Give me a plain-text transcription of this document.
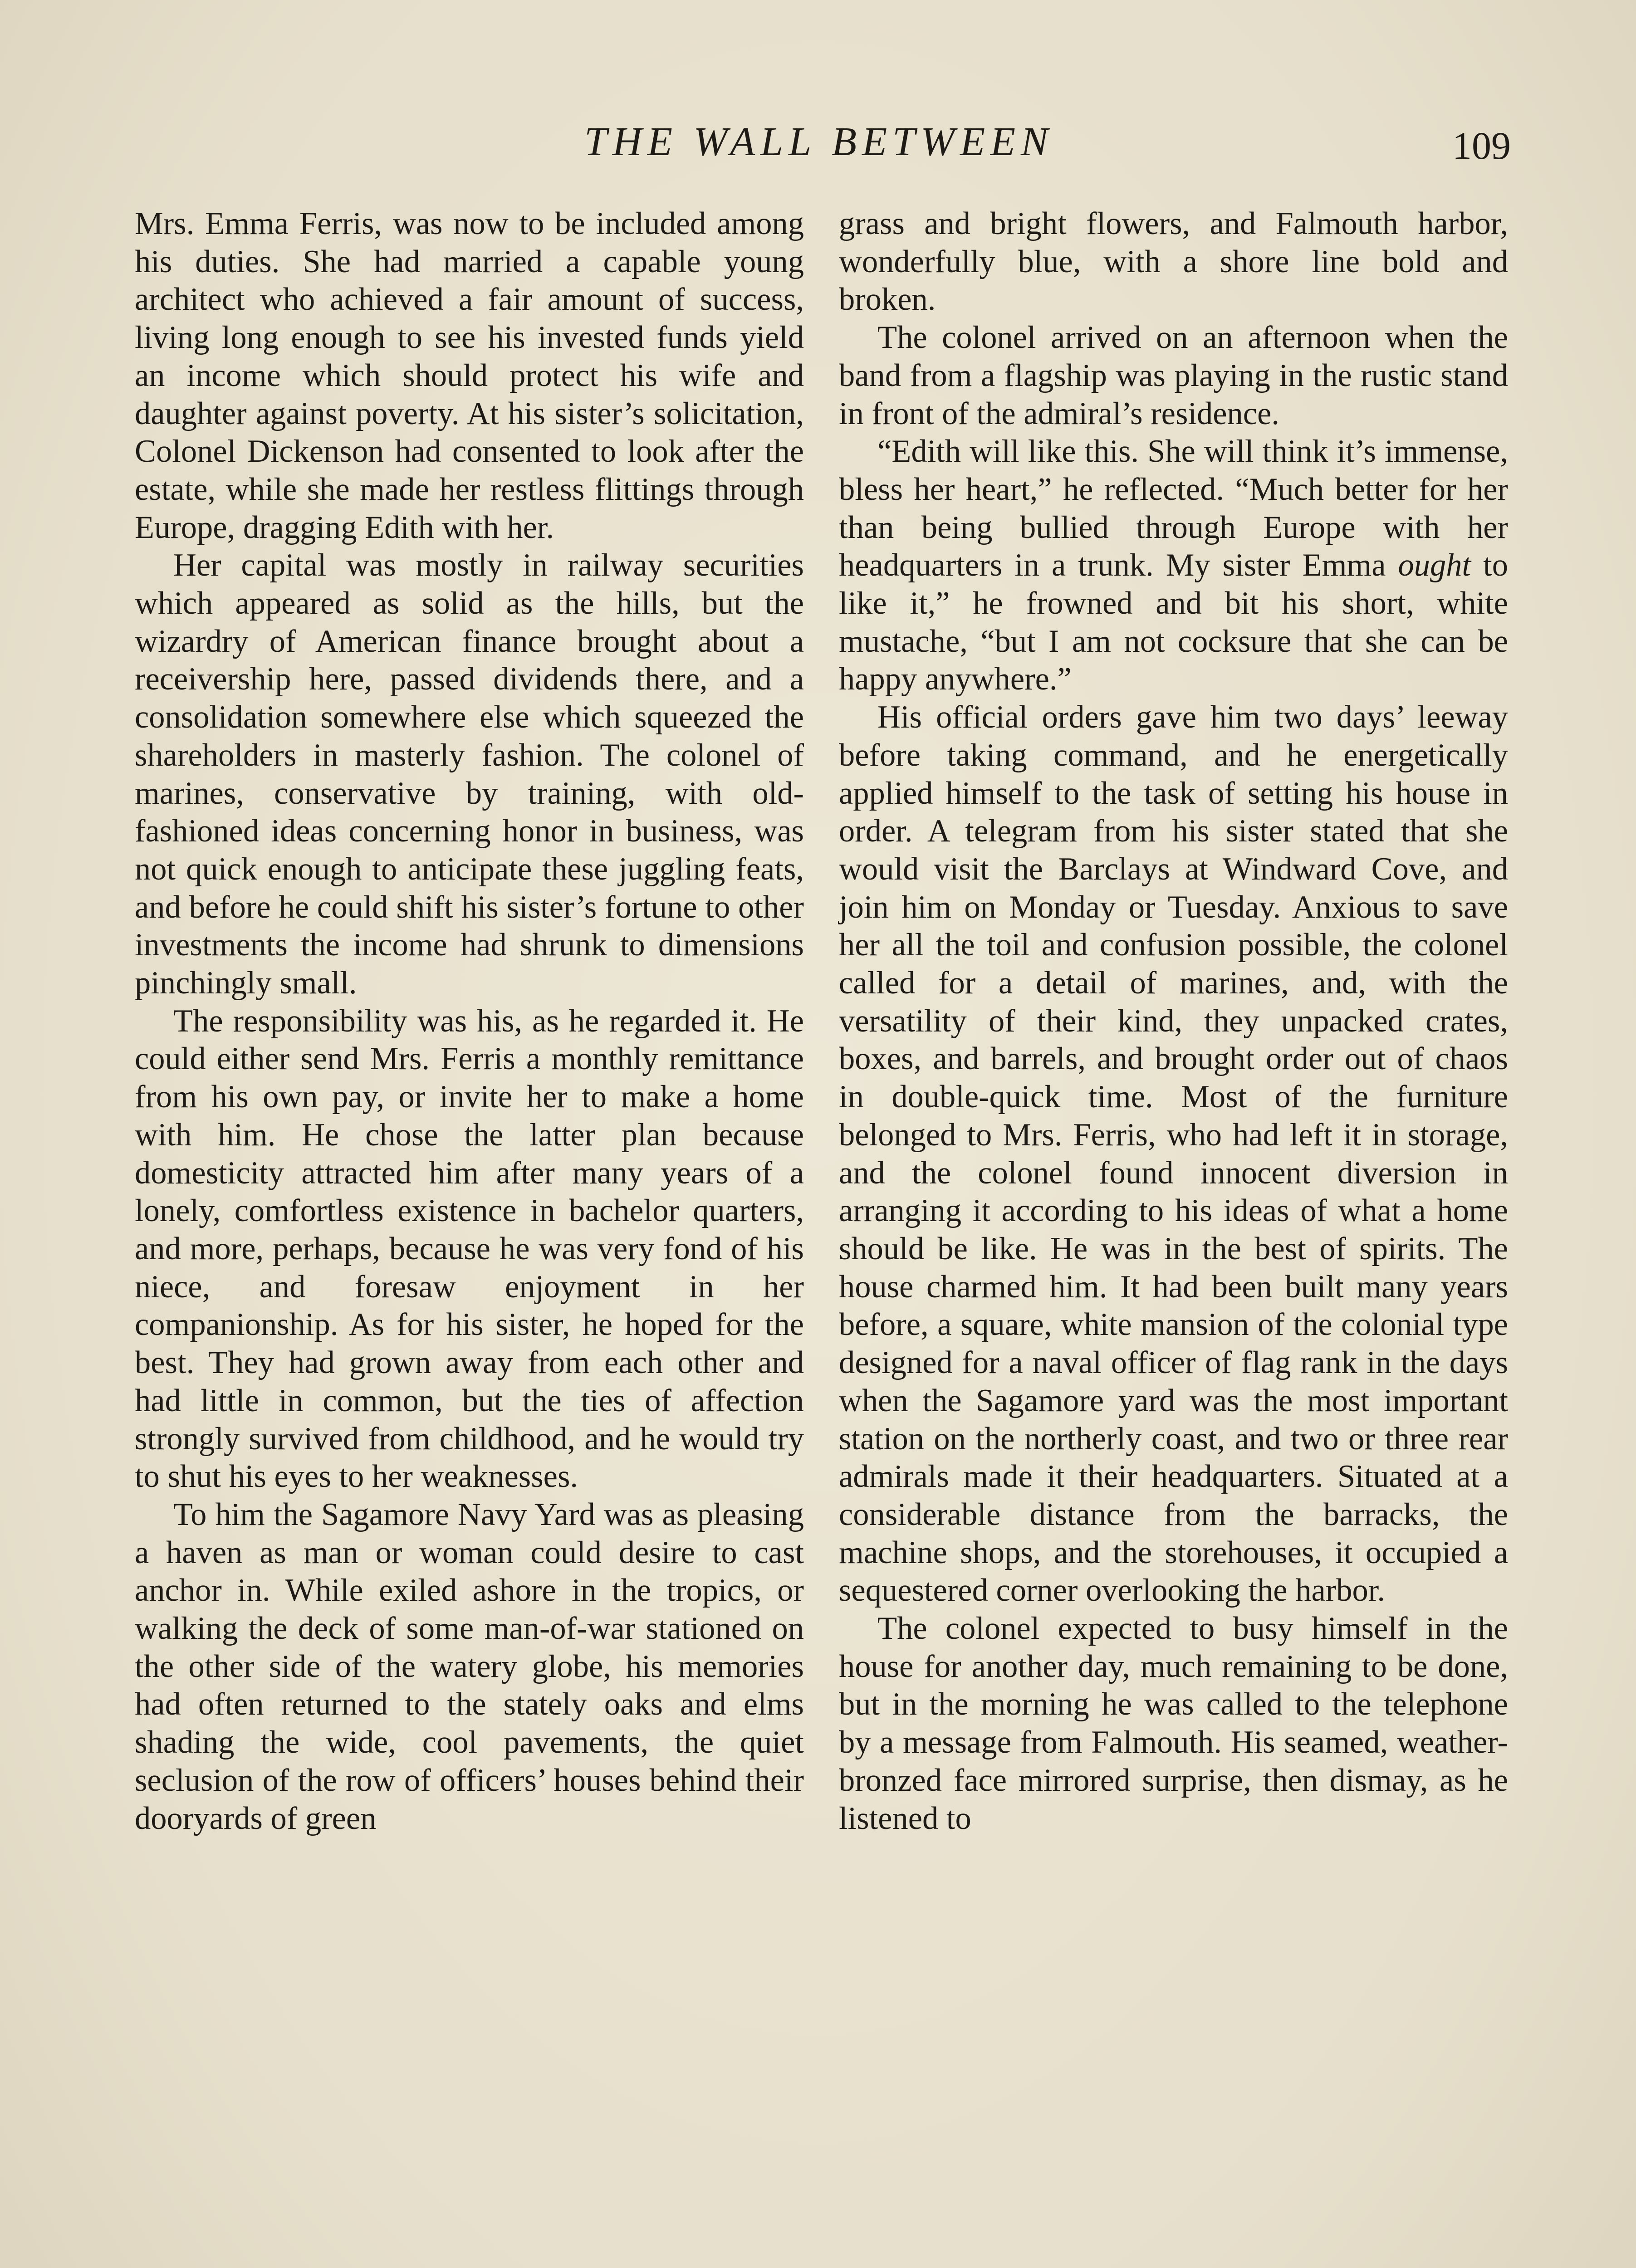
THE WALL BETWEEN	109

Mrs. Emma Ferris, was now to be included among his duties. She had married a capable young architect who achieved a fair amount of success, living long enough to see his invested funds yield an income which should protect his wife and daughter against poverty. At his sister’s solicitation, Colonel Dickenson had consented to look after the estate, while she made her restless flittings through Europe, dragging Edith with her.

Her capital was mostly in railway securities which appeared as solid as the hills, but the wizardry of American finance brought about a receivership here, passed dividends there, and a consolidation somewhere else which squeezed the shareholders in masterly fashion. The colonel of marines, conservative by training, with old-fashioned ideas concerning honor in business, was not quick enough to anticipate these juggling feats, and before he could shift his sister’s fortune to other investments the income had shrunk to dimensions pinchingly small.

The responsibility was his, as he regarded it. He could either send Mrs. Ferris a monthly remittance from his own pay, or invite her to make a home with him. He chose the latter plan because domesticity attracted him after many years of a lonely, comfortless existence in bachelor quarters, and more, perhaps, because he was very fond of his niece, and foresaw enjoyment in her companionship. As for his sister, he hoped for the best. They had grown away from each other and had little in common, but the ties of affection strongly survived from childhood, and he would try to shut his eyes to her weaknesses.

To him the Sagamore Navy Yard was as pleasing a haven as man or woman could desire to cast anchor in. While exiled ashore in the tropics, or walking the deck of some man-of-war stationed on the other side of the watery globe, his memories had often returned to the stately oaks and elms shading the wide, cool pavements, the quiet seclusion of the row of officers’ houses behind their dooryards of green

grass and bright flowers, and Falmouth harbor, wonderfully blue, with a shore line bold and broken.

The colonel arrived on an afternoon when the band from a flagship was playing in the rustic stand in front of the admiral’s residence.

“Edith will like this. She will think it’s immense, bless her heart,” he reflected. “Much better for her than being bullied through Europe with her headquarters in a trunk. My sister Emma ought to like it,” he frowned and bit his short, white mustache, “but I am not cocksure that she can be happy anywhere.”

His official orders gave him two days’ leeway before taking command, and he energetically applied himself to the task of setting his house in order. A telegram from his sister stated that she would visit the Barclays at Windward Cove, and join him on Monday or Tuesday. Anxious to save her all the toil and confusion possible, the colonel called for a detail of marines, and, with the versatility of their kind, they unpacked crates, boxes, and barrels, and brought order out of chaos in double-quick time. Most of the furniture belonged to Mrs. Ferris, who had left it in storage, and the colonel found innocent diversion in arranging it according to his ideas of what a home should be like. He was in the best of spirits. The house charmed him. It had been built many years before, a square, white mansion of the colonial type designed for a naval officer of flag rank in the days when the Sagamore yard was the most important station on the northerly coast, and two or three rear admirals made it their headquarters. Situated at a considerable distance from the barracks, the machine shops, and the storehouses, it occupied a sequestered corner overlooking the harbor.

The colonel expected to busy himself in the house for another day, much remaining to be done, but in the morning he was called to the telephone by a message from Falmouth. His seamed, weather-bronzed face mirrored surprise, then dismay, as he listened to
